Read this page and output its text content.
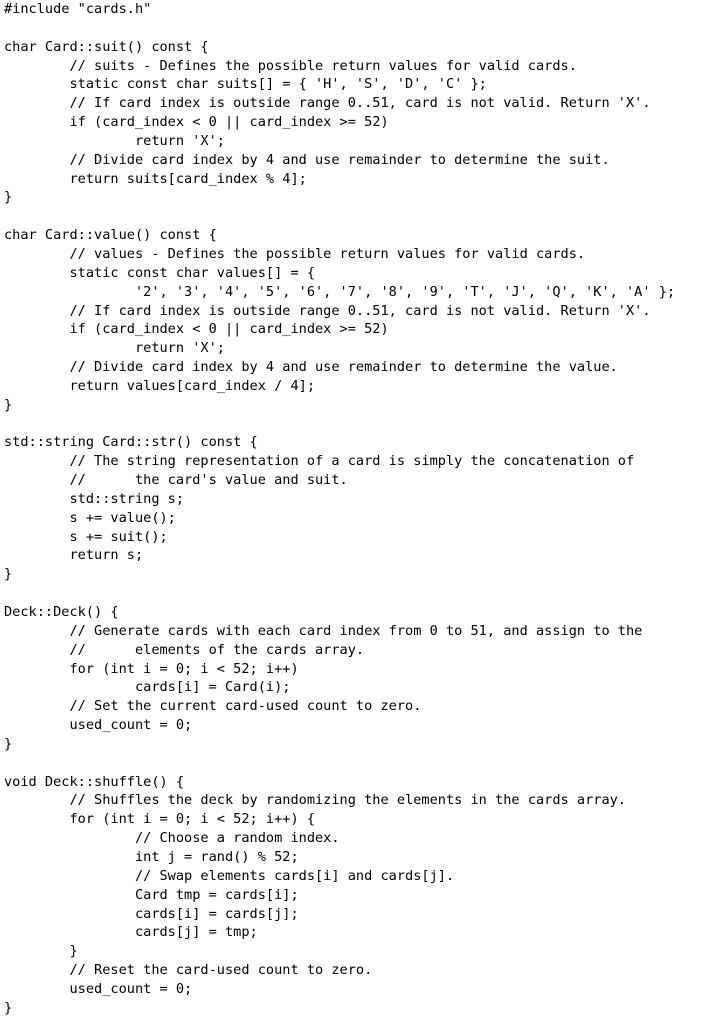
#include "cards.h"
char Card::suit() const {
// suits - Defines the possible return values for valid cards.
static const char suits[] = { 'H', 'S', 'D', 'C' };
// If card index is outside range 0..51, card is not valid. Return 'X'.
if (card_index < 0 || card_index >= 52)
return 'X';
// Divide card index by 4 and use remainder to determine the suit.
return suits[card_index % 4];
}
char Card::value() const {
// values - Defines the possible return values for valid cards.
static const char values[] = {
'2', '3', '4', '5', '6', '7', '8', '9', 'T', 'J', 'Q', 'K', 'A' };
// If card index is outside range 0..51, card is not valid. Return 'X'.
if (card_index < 0 || card_index >= 52)
return 'X';
// Divide card index by 4 and use remainder to determine the value.
return values[card_index / 4];
}
std::string Card::str() const {
// The string representation of a card is simply the concatenation of
//      the card's value and suit.
std::string s;
s += value();
s += suit();
return s;
}
Deck::Deck() {
// Generate cards with each card index from 0 to 51, and assign to the
//      elements of the cards array.
for (int i = 0; i < 52; i++)
cards[i] = Card(i);
// Set the current card-used count to zero.
used_count = 0;
}
void Deck::shuffle() {
// Shuffles the deck by randomizing the elements in the cards array.
for (int i = 0; i < 52; i++) {
// Choose a random index.
int j = rand() % 52;
// Swap elements cards[i] and cards[j].
Card tmp = cards[i];
cards[i] = cards[j];
cards[j] = tmp;
}
// Reset the card-used count to zero.
used_count = 0;
}
